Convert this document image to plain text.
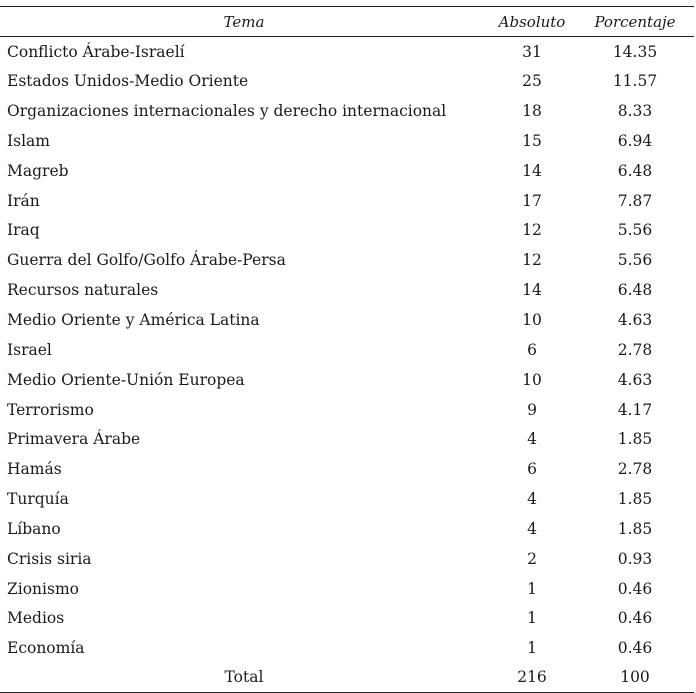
Tema	Absoluto	Porcentaje
Conflicto Árabe-Israelí	31	14.35
Estados Unidos-Medio Oriente	25	11.57
Organizaciones internacionales y derecho internacional	18	8.33
Islam	15	6.94
Magreb	14	6.48
Irán	17	7.87
Iraq	12	5.56
Guerra del Golfo/Golfo Árabe-Persa	12	5.56
Recursos naturales	14	6.48
Medio Oriente y América Latina	10	4.63
Israel	6	2.78
Medio Oriente-Unión Europea	10	4.63
Terrorismo	9	4.17
Primavera Árabe	4	1.85
Hamás	6	2.78
Turquía	4	1.85
Líbano	4	1.85
Crisis siria	2	0.93
Zionismo	1	0.46
Medios	1	0.46
Economía	1	0.46
Total	216	100
